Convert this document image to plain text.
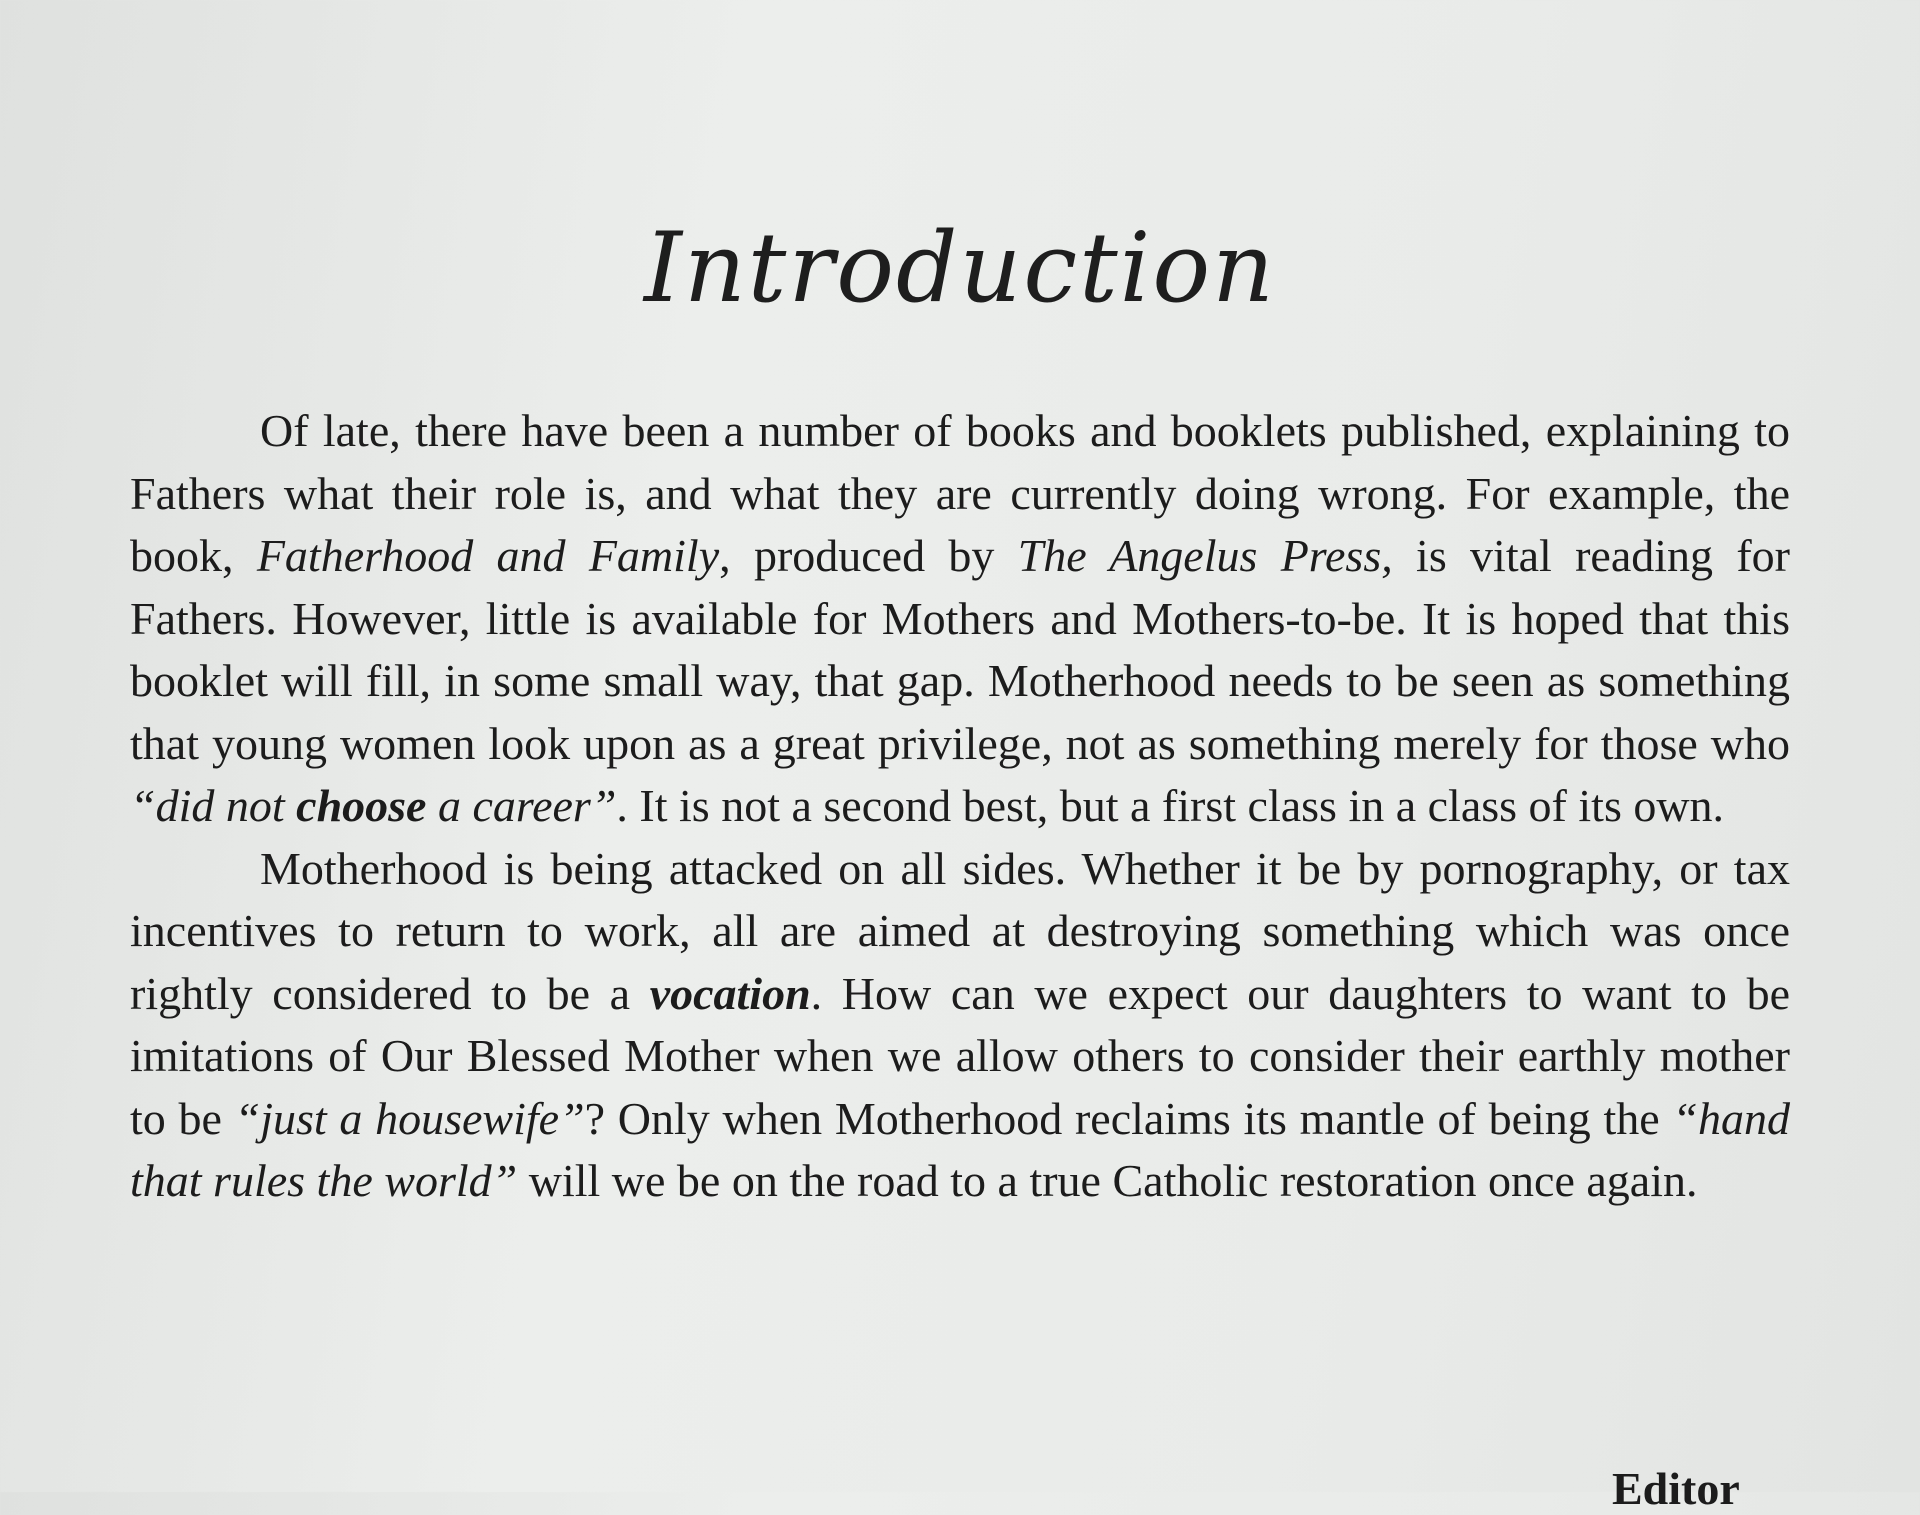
Introduction

Of late, there have been a number of books and booklets published, explaining to Fathers what their role is, and what they are currently doing wrong. For example, the book, Fatherhood and Family, produced by The Angelus Press, is vital reading for Fathers. However, little is available for Mothers and Mothers-to-be. It is hoped that this booklet will fill, in some small way, that gap. Motherhood needs to be seen as something that young women look upon as a great privilege, not as something merely for those who “did not choose a career”. It is not a second best, but a first class in a class of its own.

Motherhood is being attacked on all sides. Whether it be by pornography, or tax incentives to return to work, all are aimed at destroying something which was once rightly considered to be a vocation. How can we expect our daughters to want to be imitations of Our Blessed Mother when we allow others to consider their earthly mother to be “just a housewife”? Only when Motherhood reclaims its mantle of being the “hand that rules the world” will we be on the road to a true Catholic restoration once again.

Editor
